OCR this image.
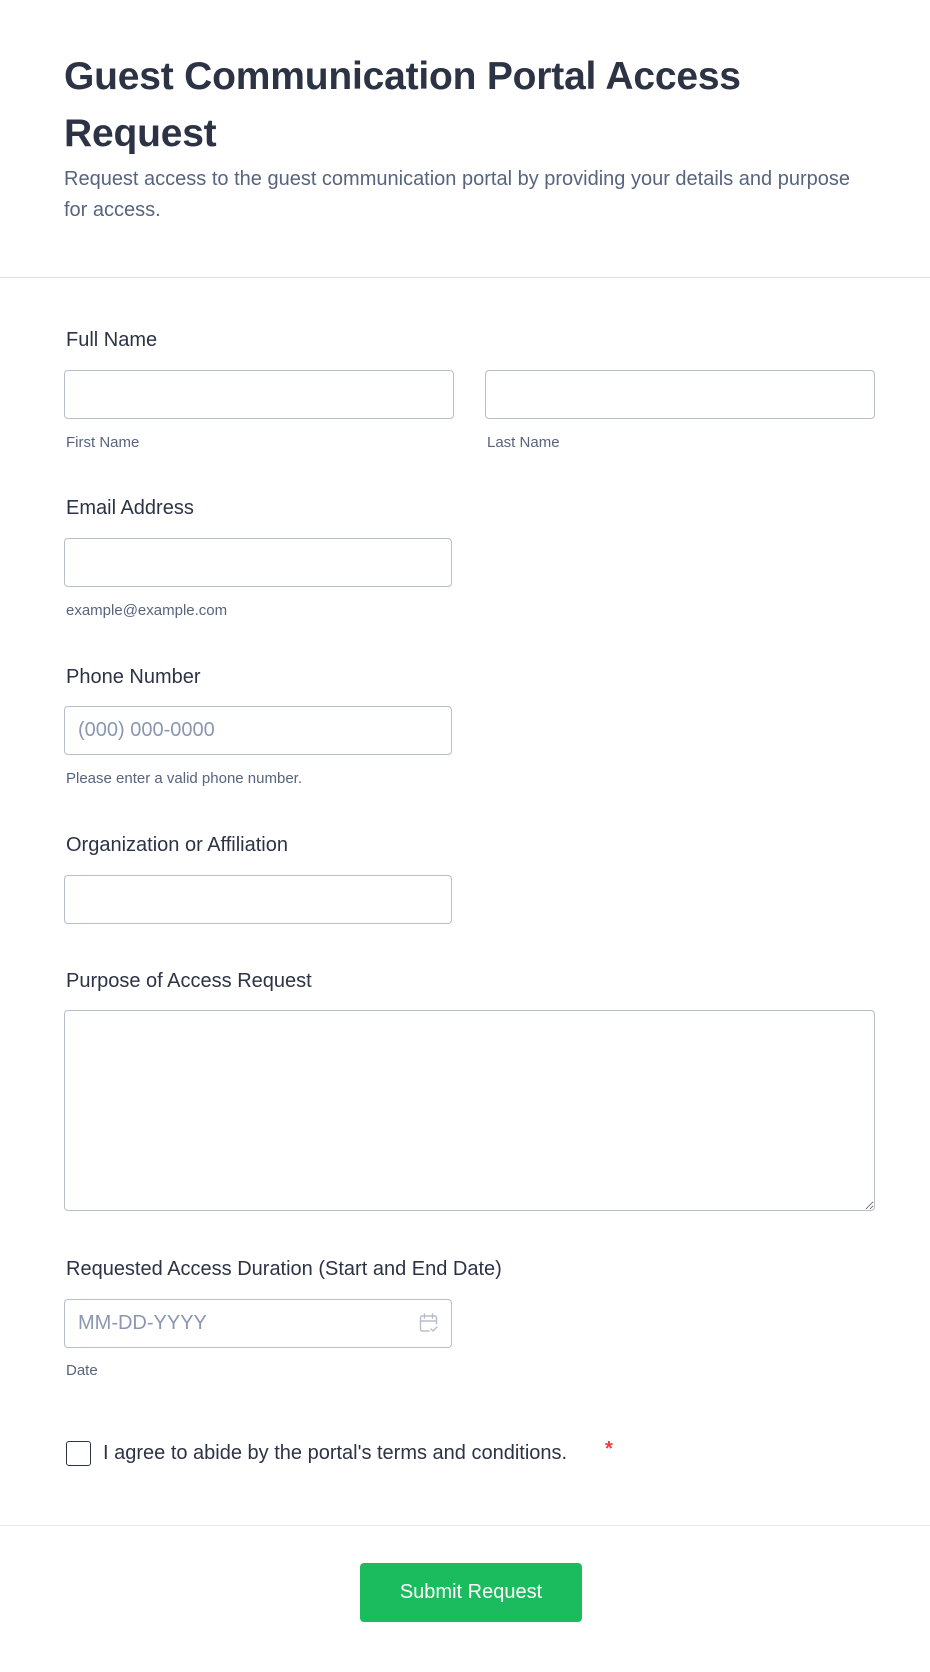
Guest Communication Portal Access Request

Request access to the guest communication portal by providing your details and purpose for access.

Full Name
First Name	Last Name
Email Address
example@example.com
Phone Number
(000) 000-0000
Please enter a valid phone number.
Organization or Affiliation
Purpose of Access Request
Requested Access Duration (Start and End Date)
MM-DD-YYYY
Date
I agree to abide by the portal's terms and conditions. *
Submit Request
